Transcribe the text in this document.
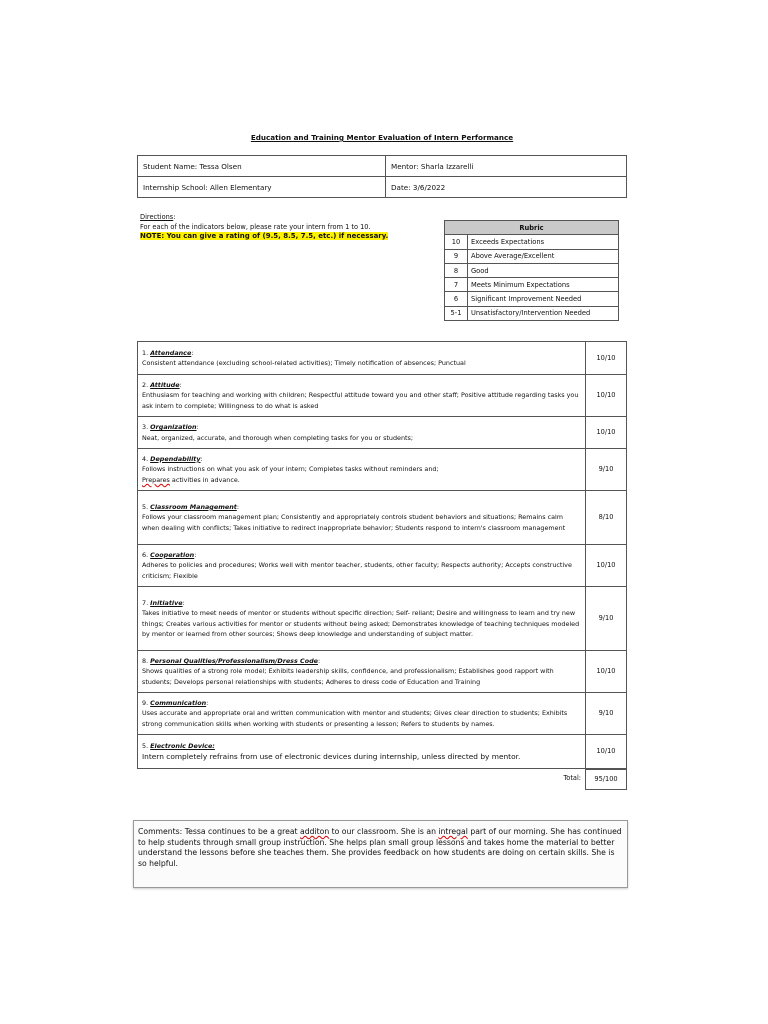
Education and Training Mentor Evaluation of Intern Performance
Student Name: Tessa Olsen	Mentor: Sharla Izzarelli
Internship School: Allen Elementary	Date: 3/6/2022
Directions:
For each of the indicators below, please rate your intern from 1 to 10.
NOTE: You can give a rating of (9.5, 8.5, 7.5, etc.) if necessary.
Rubric	
10	Exceeds Expectations
9	Above Average/Excellent
8	Good
7	Meets Minimum Expectations
6	Significant Improvement Needed
5-1	Unsatisfactory/Intervention Needed
1. Attendance:
Consistent attendance (excluding school-related activities); Timely notification of absences; Punctual	10/10
2. Attitude:
Enthusiasm for teaching and working with children; Respectful attitude toward you and other staff; Positive attitude regarding tasks you ask intern to complete; Willingness to do what is asked	10/10
3. Organization:
Neat, organized, accurate, and thorough when completing tasks for you or students;	10/10
4. Dependability:
Follows instructions on what you ask of your intern; Completes tasks without reminders and;
Prepares activities in advance.	9/10
5. Classroom Management:
Follows your classroom management plan; Consistently and appropriately controls student behaviors and situations; Remains calm when dealing with conflicts; Takes initiative to redirect inappropriate behavior; Students respond to intern's classroom management	8/10
6. Cooperation:
Adheres to policies and procedures; Works well with mentor teacher, students, other faculty; Respects authority; Accepts constructive criticism; Flexible	10/10
7. Initiative:
Takes initiative to meet needs of mentor or students without specific direction; Self- reliant; Desire and willingness to learn and try new things; Creates various activities for mentor or students without being asked; Demonstrates knowledge of teaching techniques modeled by mentor or learned from other sources; Shows deep knowledge and understanding of subject matter.	9/10
8. Personal Qualities/Professionalism/Dress Code:
Shows qualities of a strong role model; Exhibits leadership skills, confidence, and professionalism; Establishes good rapport with students; Develops personal relationships with students; Adheres to dress code of Education and Training	10/10
9. Communication:
Uses accurate and appropriate oral and written communication with mentor and students; Gives clear direction to students; Exhibits strong communication skills when working with students or presenting a lesson; Refers to students by names.	9/10
5. Electronic Device:
Intern completely refrains from use of electronic devices during internship, unless directed by mentor.	10/10
Total:	95/100
Comments: Tessa continues to be a great additon to our classroom. She is an intregal part of our morning. She has continued to help students through small group instruction. She helps plan small group lessons and takes home the material to better understand the lessons before she teaches them. She provides feedback on how students are doing on certain skills. She is so helpful.
